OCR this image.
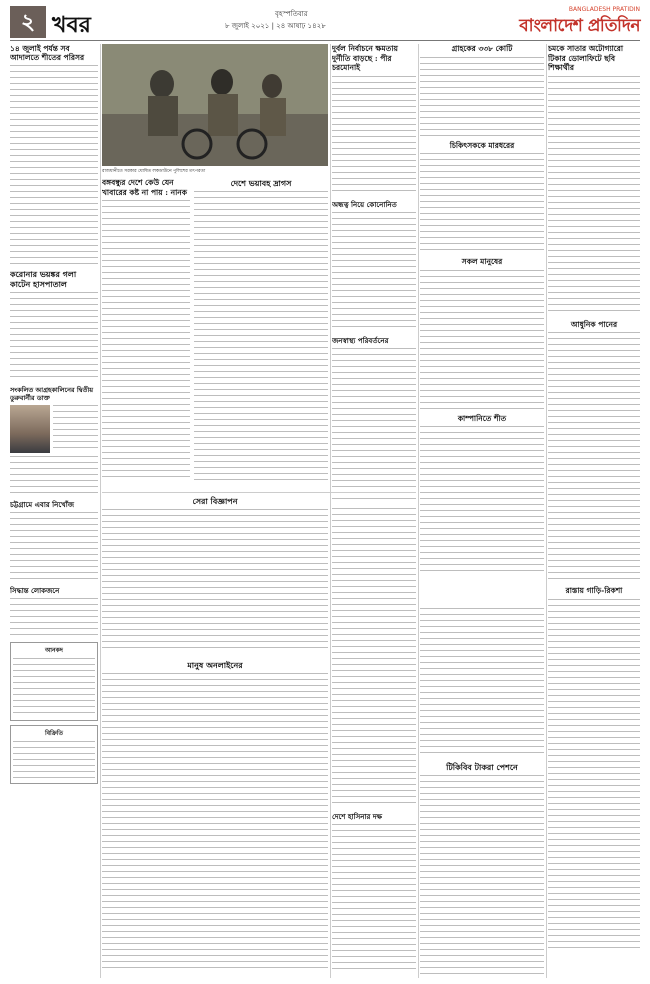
২ খবর	বৃহস্পতিবার
৮ জুলাই ২০২১ | ২৪ আষাঢ় ১৪২৮
BANGLADESH PRATIDIN
বাংলাদেশ প্রতিদিন
১৪ জুলাই পর্যন্ত সব আদালতে শীতের পরিসর
করোনার ভয়ঙ্কর গলা কাটেন হাসপাতাল
সংকলিত আগ্রহকালিনের দ্বিতীয় ডুরুবার্নীর ডাক্ত
চট্টগ্রামে এবার নিখোঁজ
সিদ্ধান্ত লোকজনে
আনকদ
বিক্রিতি
রাজধানীতে সরকার ঘোষিত লকডাউনে পুলিশের তৎপরতা
বঙ্গবন্ধুর দেশে কেউ যেন খাবারের কষ্ট না পায় : নানক
দেশে ভয়াবহ দ্রাগস
দুর্বল নির্বাচনে ক্ষমতায় দুর্নীতি বাড়ছে : পীর চরমোনাই
অন্ধত্ব নিয়ে কোনোনিত
জনস্বাস্থ্য পরিবর্তনের
গ্রাহকের ৩৩৮ কোটি
চিকিৎসককে মারধরের
সকল মানুষের
কাম্পানিতে শীত
চমকে সাতার অটোগ্যারো টিকার ডোলাফিটে ছবি শিক্ষার্থীর
আধুনিক পানের
রাস্তায় গাড়ি-রিকশা
সেরা বিজ্ঞাপন
মানুষ অনলাইনের
দেশে হাসিনার দক্ষ
টিকিবিব টাকরা পেশনে
